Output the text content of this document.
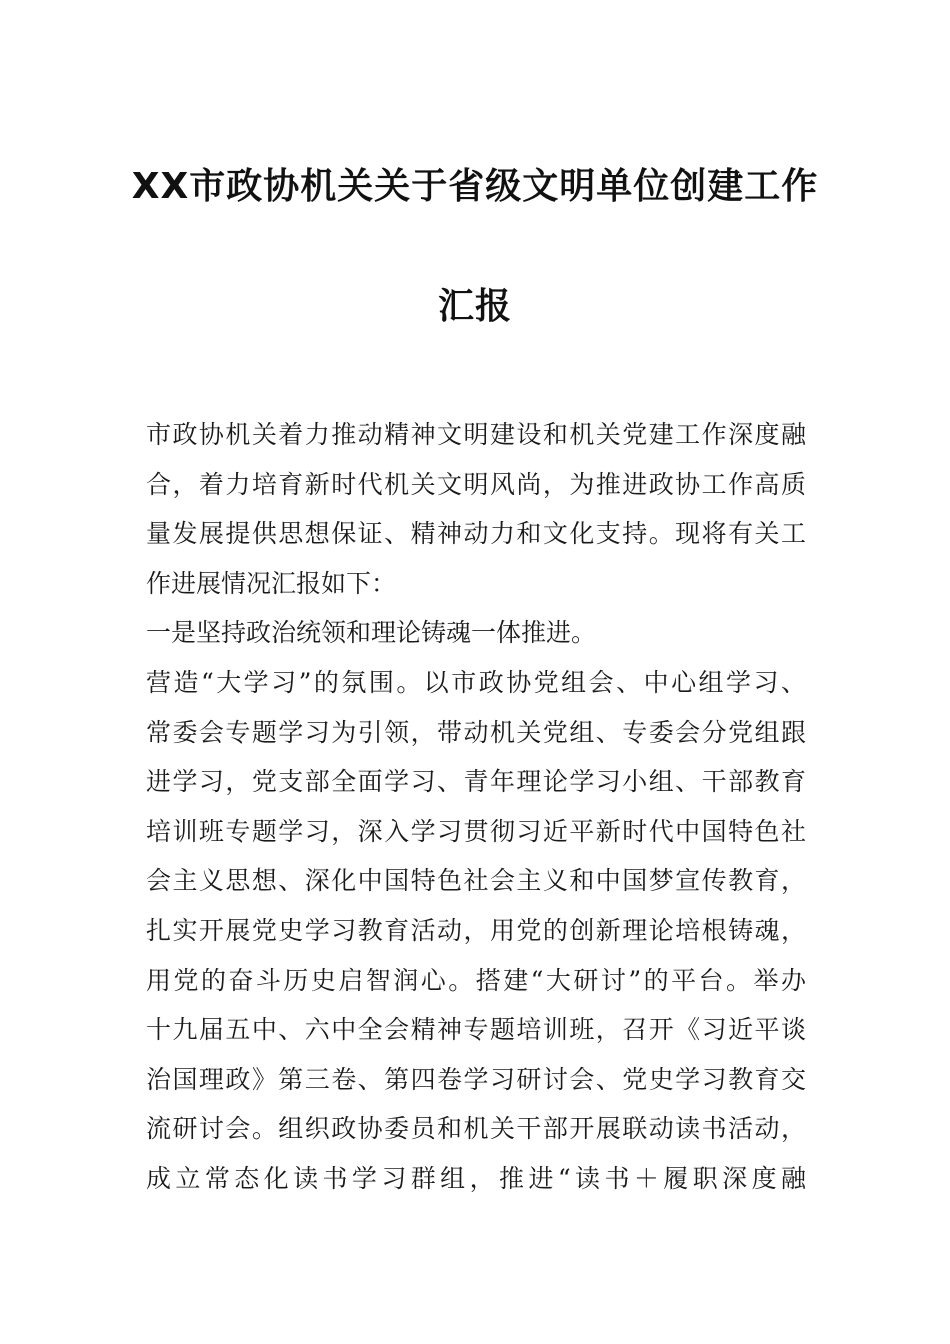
XX市政协机关关于省级文明单位创建工作
汇报
市政协机关着力推动精神文明建设和机关党建工作深度融
合，着力培育新时代机关文明风尚，为推进政协工作高质
量发展提供思想保证、精神动力和文化支持。现将有关工
作进展情况汇报如下：
一是坚持政治统领和理论铸魂一体推进。
营造“大学习”的氛围。以市政协党组会、中心组学习、
常委会专题学习为引领，带动机关党组、专委会分党组跟
进学习，党支部全面学习、青年理论学习小组、干部教育
培训班专题学习，深入学习贯彻习近平新时代中国特色社
会主义思想、深化中国特色社会主义和中国梦宣传教育，
扎实开展党史学习教育活动，用党的创新理论培根铸魂，
用党的奋斗历史启智润心。搭建“大研讨”的平台。举办
十九届五中、六中全会精神专题培训班，召开《习近平谈
治国理政》第三卷、第四卷学习研讨会、党史学习教育交
流研讨会。组织政协委员和机关干部开展联动读书活动，
成立常态化读书学习群组，推进“读书＋履职深度融
